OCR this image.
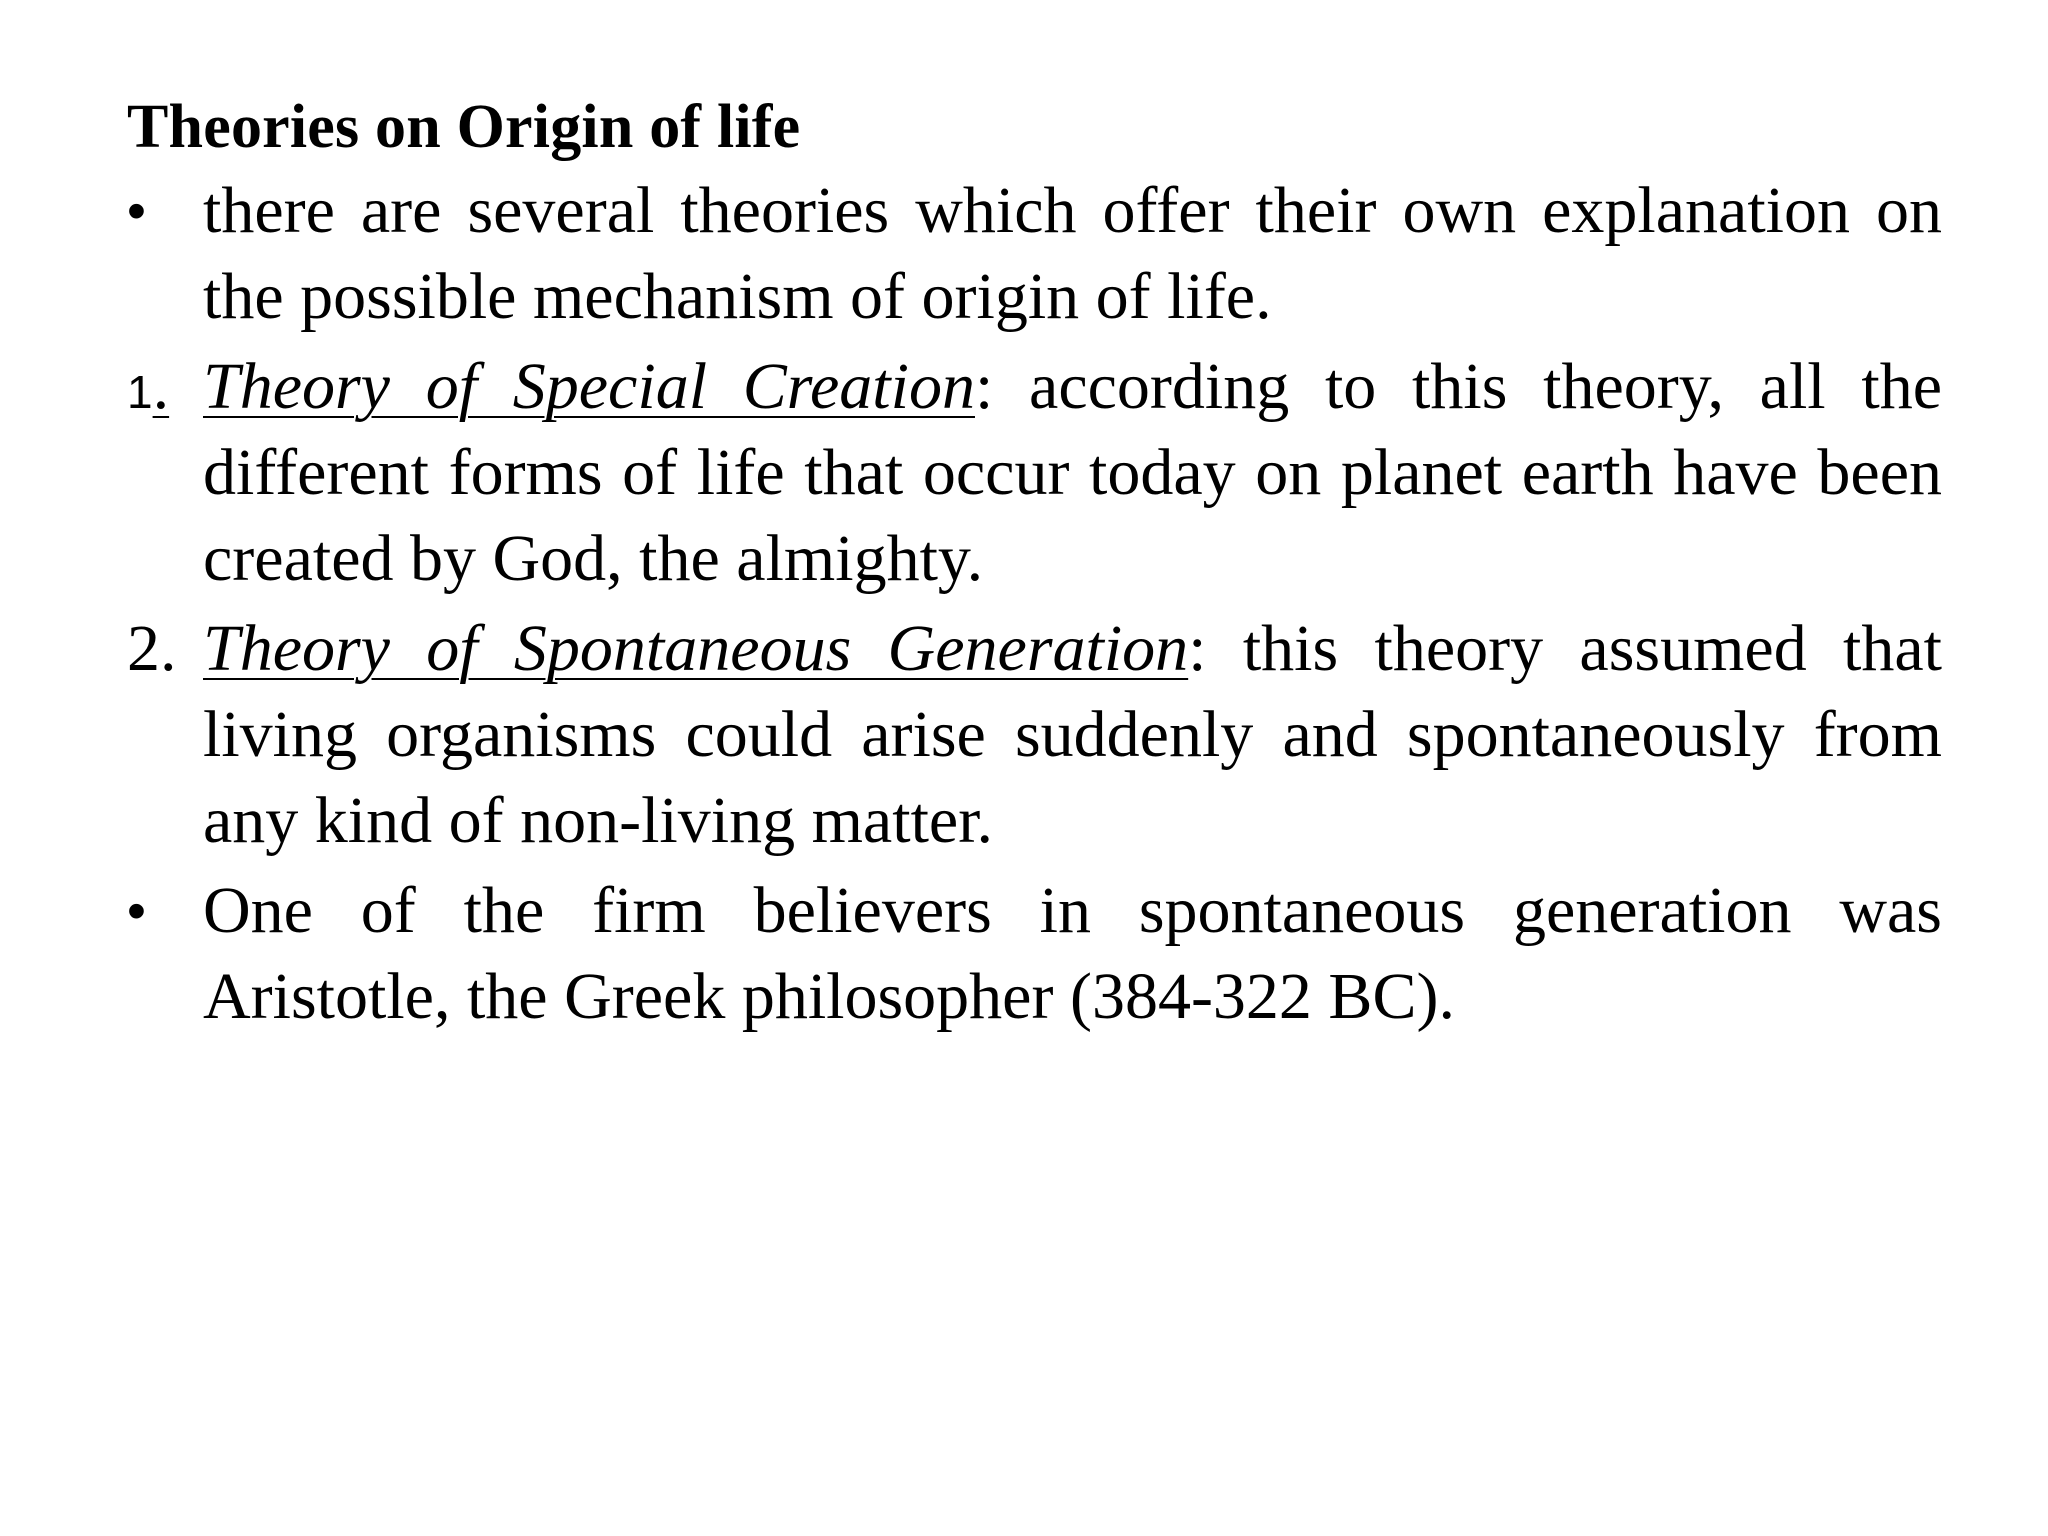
Theories on Origin of life
• there are several theories which offer their own explanation on the possible mechanism of origin of life.
1. Theory of Special Creation: according to this theory, all the different forms of life that occur today on planet earth have been created by God, the almighty.
2. Theory of Spontaneous Generation: this theory assumed that living organisms could arise suddenly and spontaneously from any kind of non-living matter.
• One of the firm believers in spontaneous generation was Aristotle, the Greek philosopher (384-322 BC).
